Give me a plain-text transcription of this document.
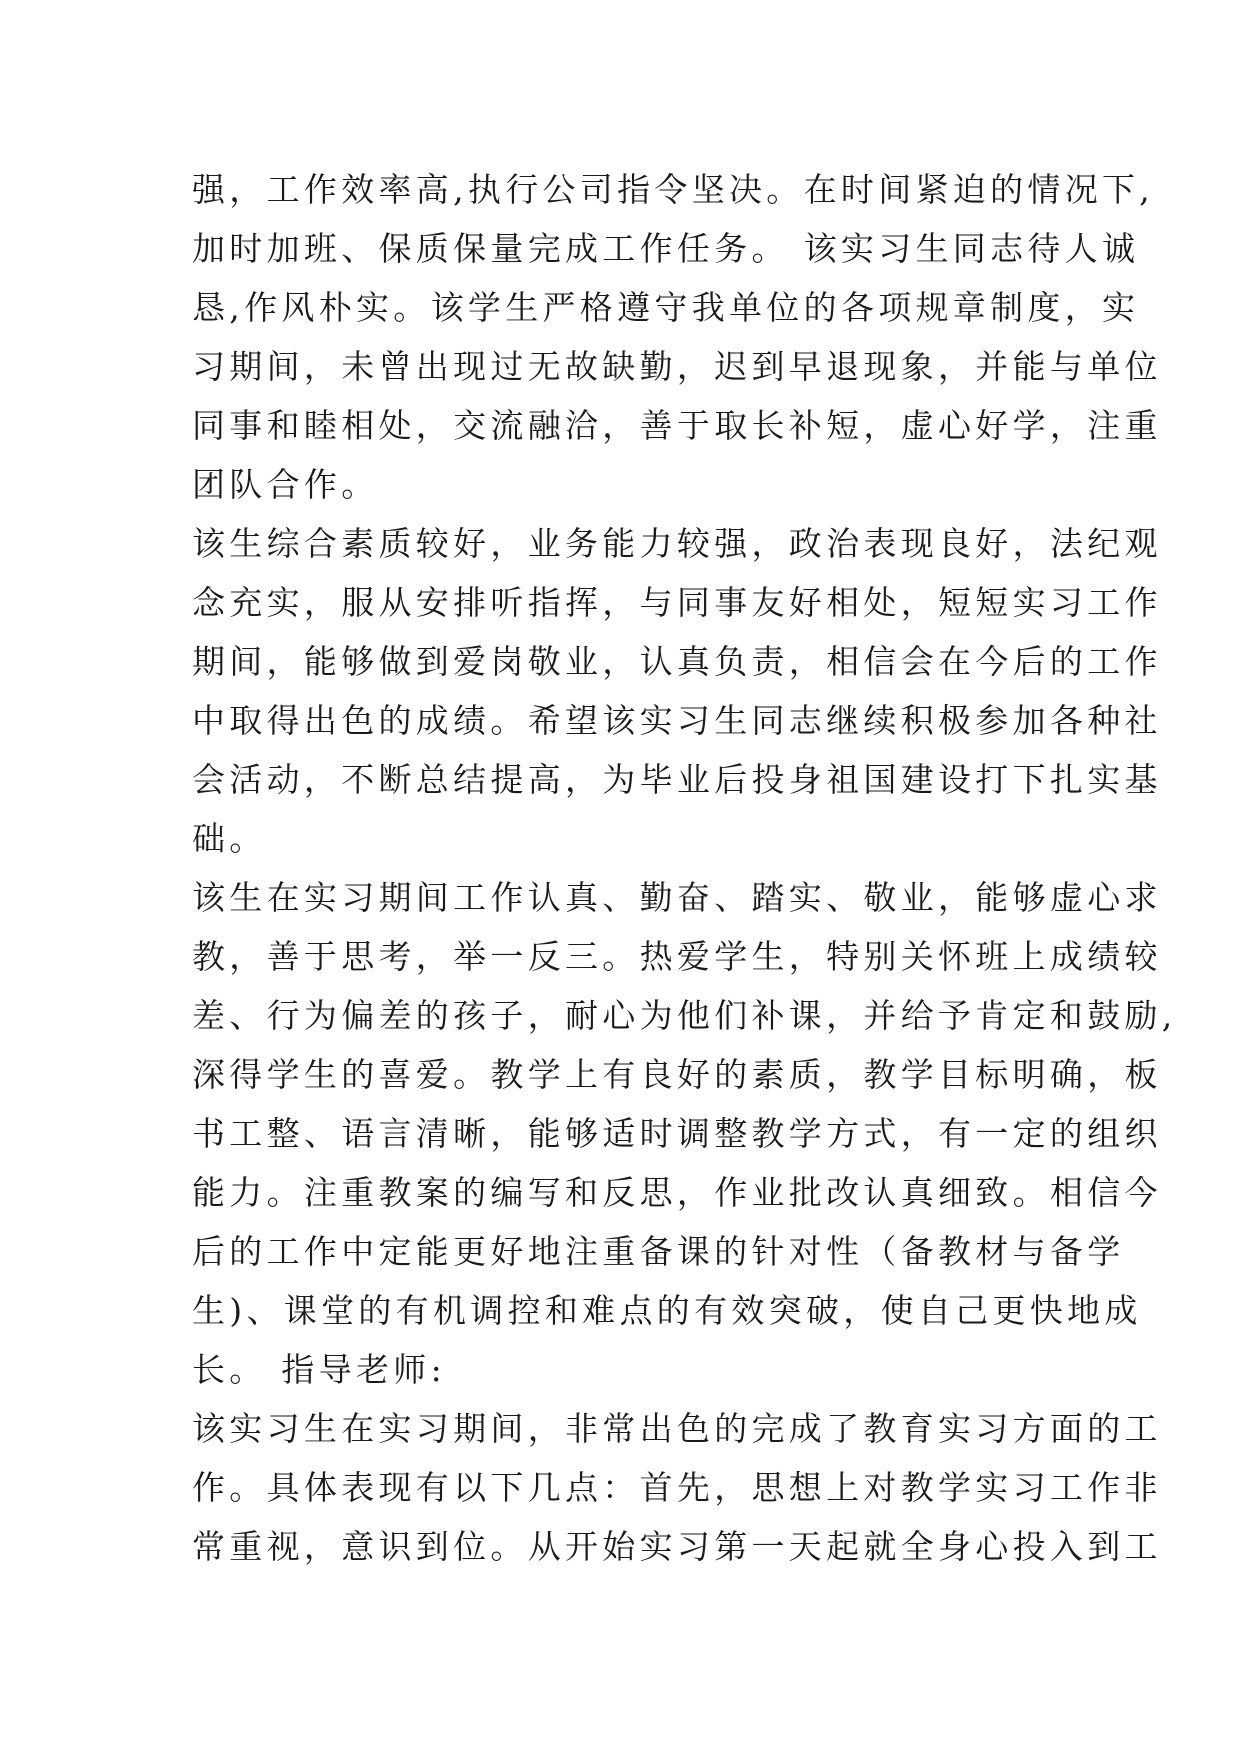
强，工作效率高,执行公司指令坚决。在时间紧迫的情况下,
加时加班、保质保量完成工作任务。 该实习生同志待人诚
恳,作风朴实。该学生严格遵守我单位的各项规章制度，实
习期间，未曾出现过无故缺勤，迟到早退现象，并能与单位
同事和睦相处，交流融洽，善于取长补短，虚心好学，注重
团队合作。
该生综合素质较好，业务能力较强，政治表现良好，法纪观
念充实，服从安排听指挥，与同事友好相处，短短实习工作
期间，能够做到爱岗敬业，认真负责，相信会在今后的工作
中取得出色的成绩。希望该实习生同志继续积极参加各种社
会活动，不断总结提高，为毕业后投身祖国建设打下扎实基
础。
该生在实习期间工作认真、勤奋、踏实、敬业，能够虚心求
教，善于思考，举一反三。热爱学生，特别关怀班上成绩较
差、行为偏差的孩子，耐心为他们补课，并给予肯定和鼓励,
深得学生的喜爱。教学上有良好的素质，教学目标明确，板
书工整、语言清晰，能够适时调整教学方式，有一定的组织
能力。注重教案的编写和反思，作业批改认真细致。相信今
后的工作中定能更好地注重备课的针对性（备教材与备学
生)、课堂的有机调控和难点的有效突破，使自己更快地成
长。 指导老师:
该实习生在实习期间，非常出色的完成了教育实习方面的工
作。具体表现有以下几点：首先，思想上对教学实习工作非
常重视，意识到位。从开始实习第一天起就全身心投入到工
